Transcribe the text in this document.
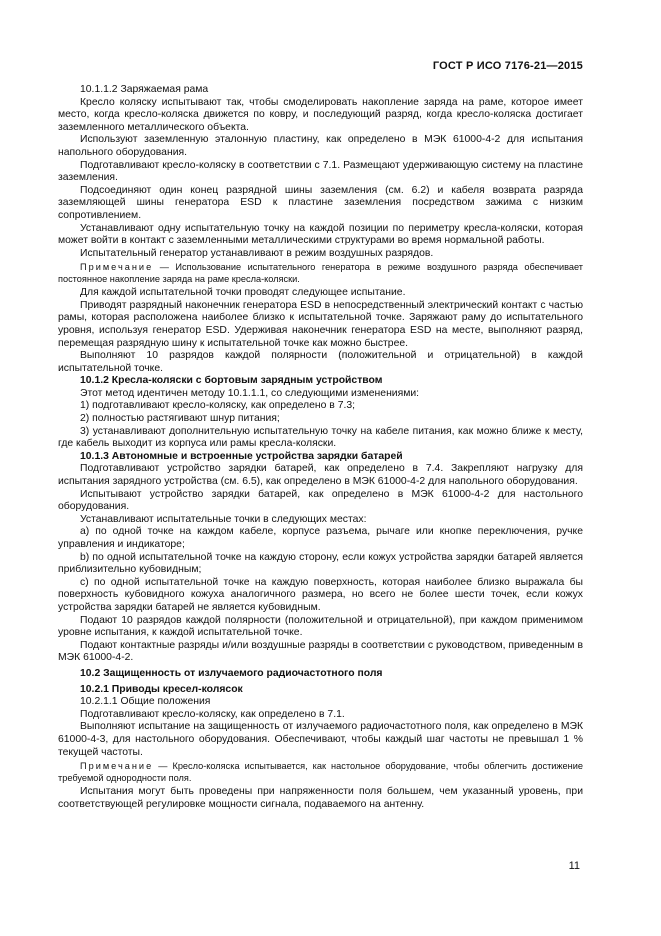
ГОСТ Р ИСО 7176-21—2015

10.1.1.2 Заряжаемая рама

Кресло коляску испытывают так, чтобы смоделировать накопление заряда на раме, которое имеет место, когда кресло-коляска движется по ковру, и последующий разряд, когда кресло-коляска достигает заземленного металлического объекта.

Используют заземленную эталонную пластину, как определено в МЭК 61000-4-2 для испытания напольного оборудования.

Подготавливают кресло-коляску в соответствии с 7.1. Размещают удерживающую систему на пластине заземления.

Подсоединяют один конец разрядной шины заземления (см. 6.2) и кабеля возврата разряда заземляющей шины генератора ESD к пластине заземления посредством зажима с низким сопротивлением.

Устанавливают одну испытательную точку на каждой позиции по периметру кресла-коляски, которая может войти в контакт с заземленными металлическими структурами во время нормальной работы.

Испытательный генератор устанавливают в режим воздушных разрядов.

Примечание — Использование испытательного генератора в режиме воздушного разряда обеспечивает постоянное накопление заряда на раме кресла-коляски.

Для каждой испытательной точки проводят следующее испытание.

Приводят разрядный наконечник генератора ESD в непосредственный электрический контакт с частью рамы, которая расположена наиболее близко к испытательной точке. Заряжают раму до испытательного уровня, используя генератор ESD. Удерживая наконечник генератора ESD на месте, выполняют разряд, перемещая разрядную шину к испытательной точке как можно быстрее.

Выполняют 10 разрядов каждой полярности (положительной и отрицательной) в каждой испытательной точке.

10.1.2 Кресла-коляски с бортовым зарядным устройством

Этот метод идентичен методу 10.1.1.1, со следующими изменениями:

1) подготавливают кресло-коляску, как определено в 7.3;

2) полностью растягивают шнур питания;

3) устанавливают дополнительную испытательную точку на кабеле питания, как можно ближе к месту, где кабель выходит из корпуса или рамы кресла-коляски.

10.1.3 Автономные и встроенные устройства зарядки батарей

Подготавливают устройство зарядки батарей, как определено в 7.4. Закрепляют нагрузку для испытания зарядного устройства (см. 6.5), как определено в МЭК 61000-4-2 для напольного оборудования.

Испытывают устройство зарядки батарей, как определено в МЭК 61000-4-2 для настольного оборудования.

Устанавливают испытательные точки в следующих местах:

а) по одной точке на каждом кабеле, корпусе разъема, рычаге или кнопке переключения, ручке управления и индикаторе;

b) по одной испытательной точке на каждую сторону, если кожух устройства зарядки батарей является приблизительно кубовидным;

c) по одной испытательной точке на каждую поверхность, которая наиболее близко выражала бы поверхность кубовидного кожуха аналогичного размера, но всего не более шести точек, если кожух устройства зарядки батарей не является кубовидным.

Подают 10 разрядов каждой полярности (положительной и отрицательной), при каждом применимом уровне испытания, к каждой испытательной точке.

Подают контактные разряды и/или воздушные разряды в соответствии с руководством, приведенным в МЭК 61000-4-2.

10.2 Защищенность от излучаемого радиочастотного поля

10.2.1 Приводы кресел-колясок

10.2.1.1 Общие положения

Подготавливают кресло-коляску, как определено в 7.1.

Выполняют испытание на защищенность от излучаемого радиочастотного поля, как определено в МЭК 61000-4-3, для настольного оборудования. Обеспечивают, чтобы каждый шаг частоты не превышал 1 % текущей частоты.

Примечание — Кресло-коляска испытывается, как настольное оборудование, чтобы облегчить достижение требуемой однородности поля.

Испытания могут быть проведены при напряженности поля большем, чем указанный уровень, при соответствующей регулировке мощности сигнала, подаваемого на антенну.

11
